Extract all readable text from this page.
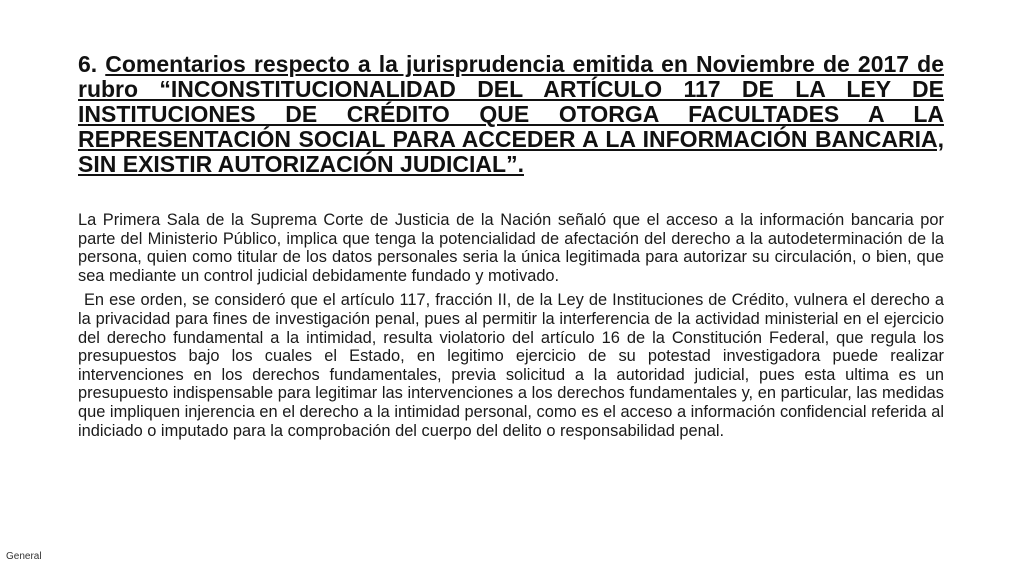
6. Comentarios respecto a la jurisprudencia emitida en Noviembre de 2017 de rubro “INCONSTITUCIONALIDAD DEL ARTÍCULO 117 DE LA LEY DE INSTITUCIONES DE CRÉDITO QUE OTORGA FACULTADES A LA REPRESENTACIÓN SOCIAL PARA ACCEDER A LA INFORMACIÓN BANCARIA, SIN EXISTIR AUTORIZACIÓN JUDICIAL”.

La Primera Sala de la Suprema Corte de Justicia de la Nación señaló que el acceso a la información bancaria por parte del Ministerio Público, implica que tenga la potencialidad de afectación del derecho a la autodeterminación de la persona, quien como titular de los datos personales seria la única legitimada para autorizar su circulación, o bien, que sea mediante un control judicial debidamente fundado y motivado.

En ese orden, se consideró que el artículo 117, fracción II, de la Ley de Instituciones de Crédito, vulnera el derecho a la privacidad para fines de investigación penal, pues al permitir la interferencia de la actividad ministerial en el ejercicio del derecho fundamental a la intimidad, resulta violatorio del artículo 16 de la Constitución Federal, que regula los presupuestos bajo los cuales el Estado, en legitimo ejercicio de su potestad investigadora puede realizar intervenciones en los derechos fundamentales, previa solicitud a la autoridad judicial, pues esta ultima es un presupuesto indispensable para legitimar las intervenciones a los derechos fundamentales y, en particular, las medidas que impliquen injerencia en el derecho a la intimidad personal, como es el acceso a información confidencial referida al indiciado o imputado para la comprobación del cuerpo del delito o responsabilidad penal.

General
